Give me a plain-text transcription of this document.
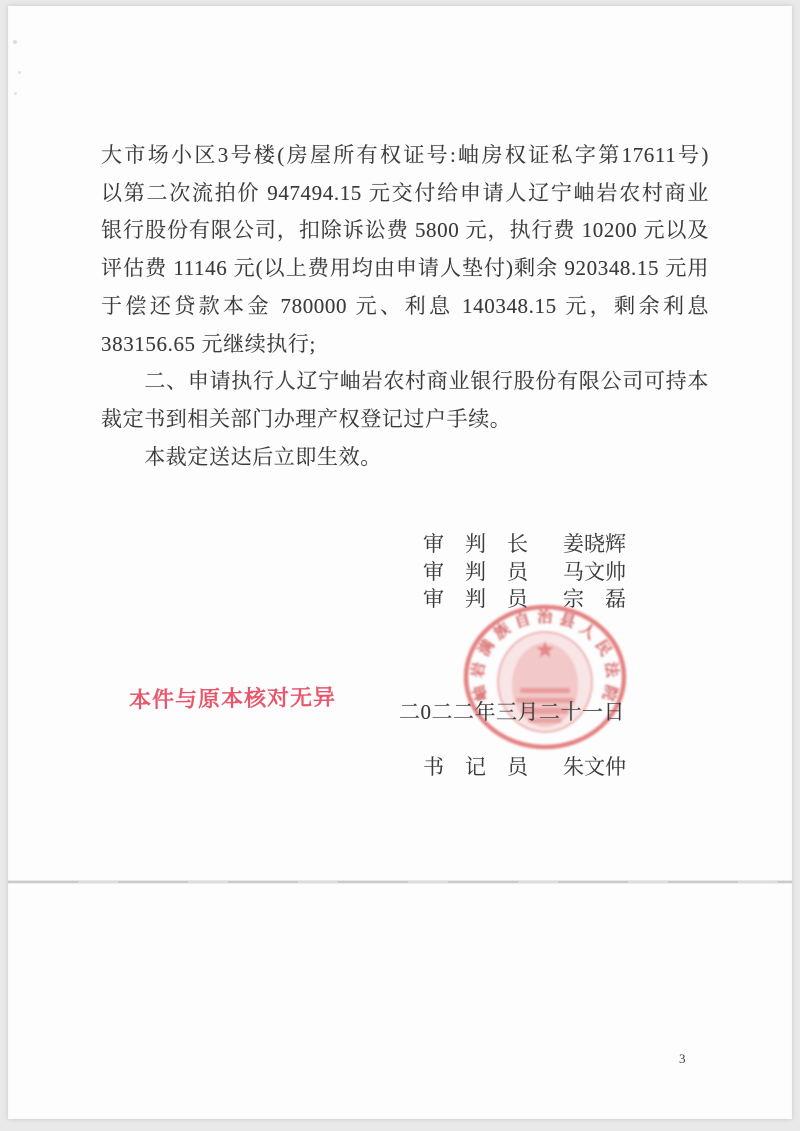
大市场小区3号楼(房屋所有权证号:岫房权证私字第17611号)
以第二次流拍价 947494.15 元交付给申请人辽宁岫岩农村商业
银行股份有限公司，扣除诉讼费 5800 元，执行费 10200 元以及
评估费 11146 元(以上费用均由申请人垫付)剩余 920348.15 元用
于偿还贷款本金 780000 元、利息 140348.15 元，剩余利息
383156.65 元继续执行;
　　二、申请执行人辽宁岫岩农村商业银行股份有限公司可持本
裁定书到相关部门办理产权登记过户手续。
　　本裁定送达后立即生效。
审　判　长 姜晓辉
审　判　员 马文帅
审　判　员 宗　磊
岫岩满族自治县人民法院
二0二二年三月二十一日
书　记　员 朱文仲
本件与原本核对无异
3
